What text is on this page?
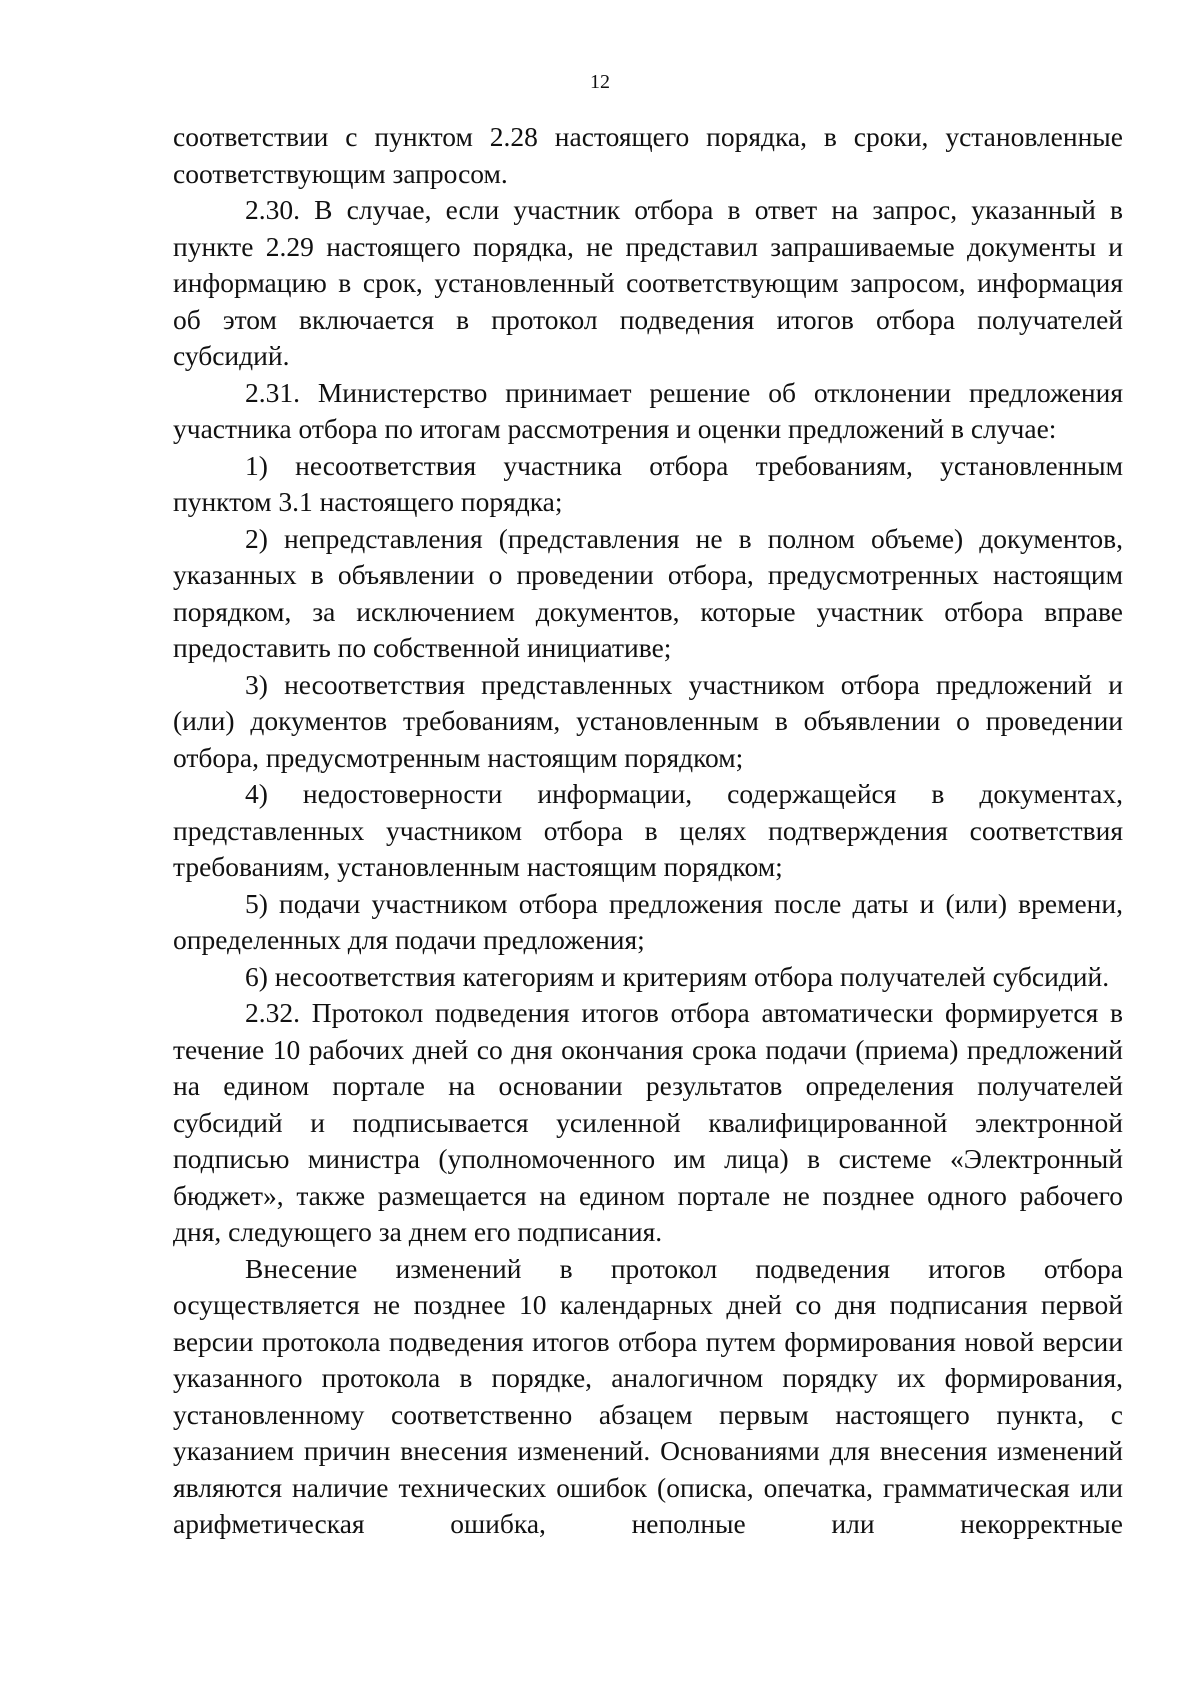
12

соответствии с пунктом 2.28 настоящего порядка, в сроки, установленные соответствующим запросом.

2.30. В случае, если участник отбора в ответ на запрос, указанный в пункте 2.29 настоящего порядка, не представил запрашиваемые документы и информацию в срок, установленный соответствующим запросом, информация об этом включается в протокол подведения итогов отбора получателей субсидий.

2.31. Министерство принимает решение об отклонении предложения участника отбора по итогам рассмотрения и оценки предложений в случае:

1) несоответствия участника отбора требованиям, установленным пунктом 3.1 настоящего порядка;

2) непредставления (представления не в полном объеме) документов, указанных в объявлении о проведении отбора, предусмотренных настоящим порядком, за исключением документов, которые участник отбора вправе предоставить по собственной инициативе;

3) несоответствия представленных участником отбора предложений и (или) документов требованиям, установленным в объявлении о проведении отбора, предусмотренным настоящим порядком;

4) недостоверности информации, содержащейся в документах, представленных участником отбора в целях подтверждения соответствия требованиям, установленным настоящим порядком;

5) подачи участником отбора предложения после даты и (или) времени, определенных для подачи предложения;

6) несоответствия категориям и критериям отбора получателей субсидий.

2.32. Протокол подведения итогов отбора автоматически формируется в течение 10 рабочих дней со дня окончания срока подачи (приема) предложений на едином портале на основании результатов определения получателей субсидий и подписывается усиленной квалифицированной электронной подписью министра (уполномоченного им лица) в системе «Электронный бюджет», также размещается на едином портале не позднее одного рабочего дня, следующего за днем его подписания.

Внесение изменений в протокол подведения итогов отбора осуществляется не позднее 10 календарных дней со дня подписания первой версии протокола подведения итогов отбора путем формирования новой версии указанного протокола в порядке, аналогичном порядку их формирования, установленному соответственно абзацем первым настоящего пункта, с указанием причин внесения изменений. Основаниями для внесения изменений являются наличие технических ошибок (описка, опечатка, грамматическая или арифметическая ошибка, неполные или некорректные
